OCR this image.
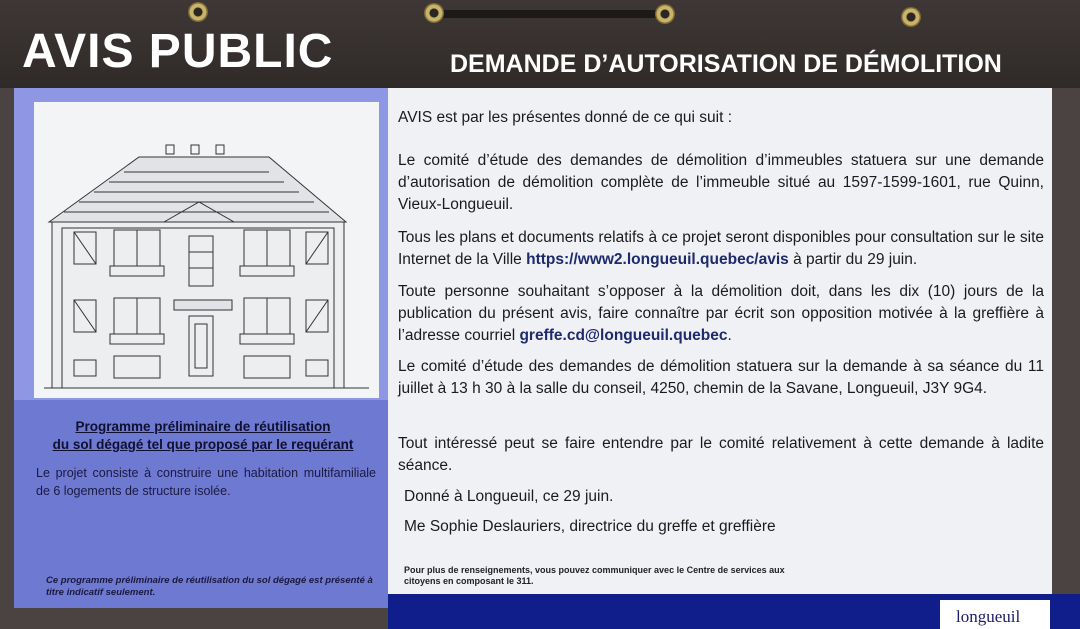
AVIS PUBLIC	DEMANDE D’AUTORISATION DE DÉMOLITION
Programme préliminaire de réutilisation
du sol dégagé tel que proposé par le requérant
Le projet consiste à construire une habitation multifamiliale de 6 logements de structure isolée.
Ce programme préliminaire de réutilisation du sol dégagé est présenté à titre indicatif seulement.
AVIS est par les présentes donné de ce qui suit :
Le comité d’étude des demandes de démolition d’immeubles statuera sur une demande d’autorisation de démolition complète de l’immeuble situé au 1597-1599-1601, rue Quinn, Vieux-Longueuil.
Tous les plans et documents relatifs à ce projet seront disponibles pour consultation sur le site Internet de la Ville https://www2.longueuil.quebec/avis à partir du 29 juin.
Toute personne souhaitant s’opposer à la démolition doit, dans les dix (10) jours de la publication du présent avis, faire connaître par écrit son opposition motivée à la greffière à l’adresse courriel greffe.cd@longueuil.quebec.
Le comité d’étude des demandes de démolition statuera sur la demande à sa séance du 11 juillet à 13 h 30 à la salle du conseil, 4250, chemin de la Savane, Longueuil, J3Y 9G4.
Tout intéressé peut se faire entendre par le comité relativement à cette demande à ladite séance.
Donné à Longueuil, ce 29 juin.
Me Sophie Deslauriers, directrice du greffe et greffière
Pour plus de renseignements, vous pouvez communiquer avec le Centre de services aux citoyens en composant le 311.
longueuil
